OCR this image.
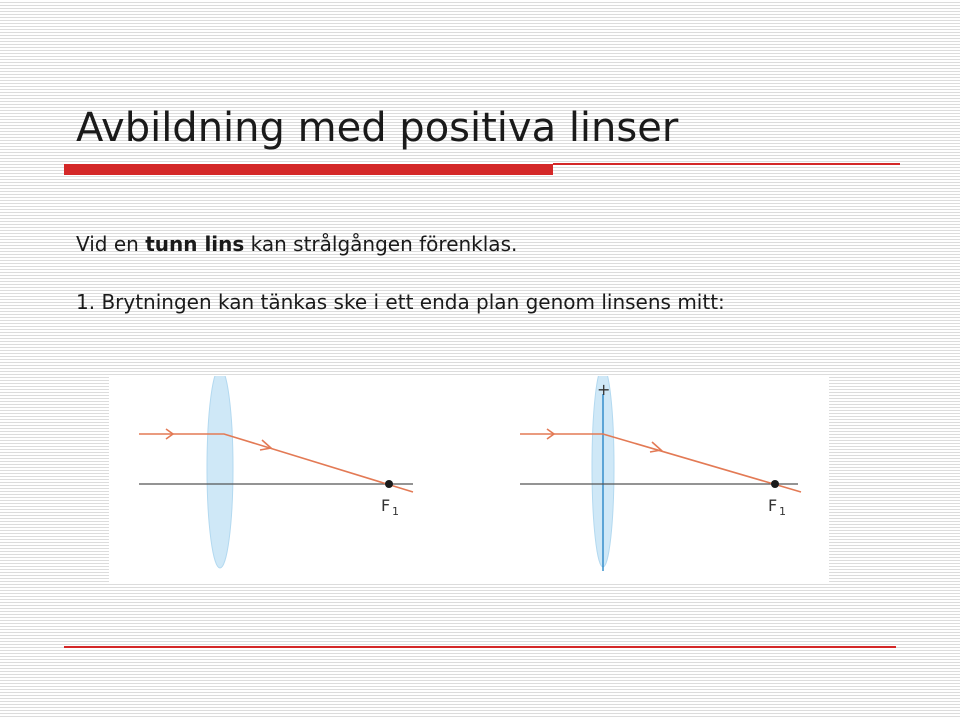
Avbildning med positiva linser

Vid en tunn lins kan strålgången förenklas.

1. Brytningen kan tänkas ske i ett enda plan genom linsens mitt:

F 1
+
F 1
